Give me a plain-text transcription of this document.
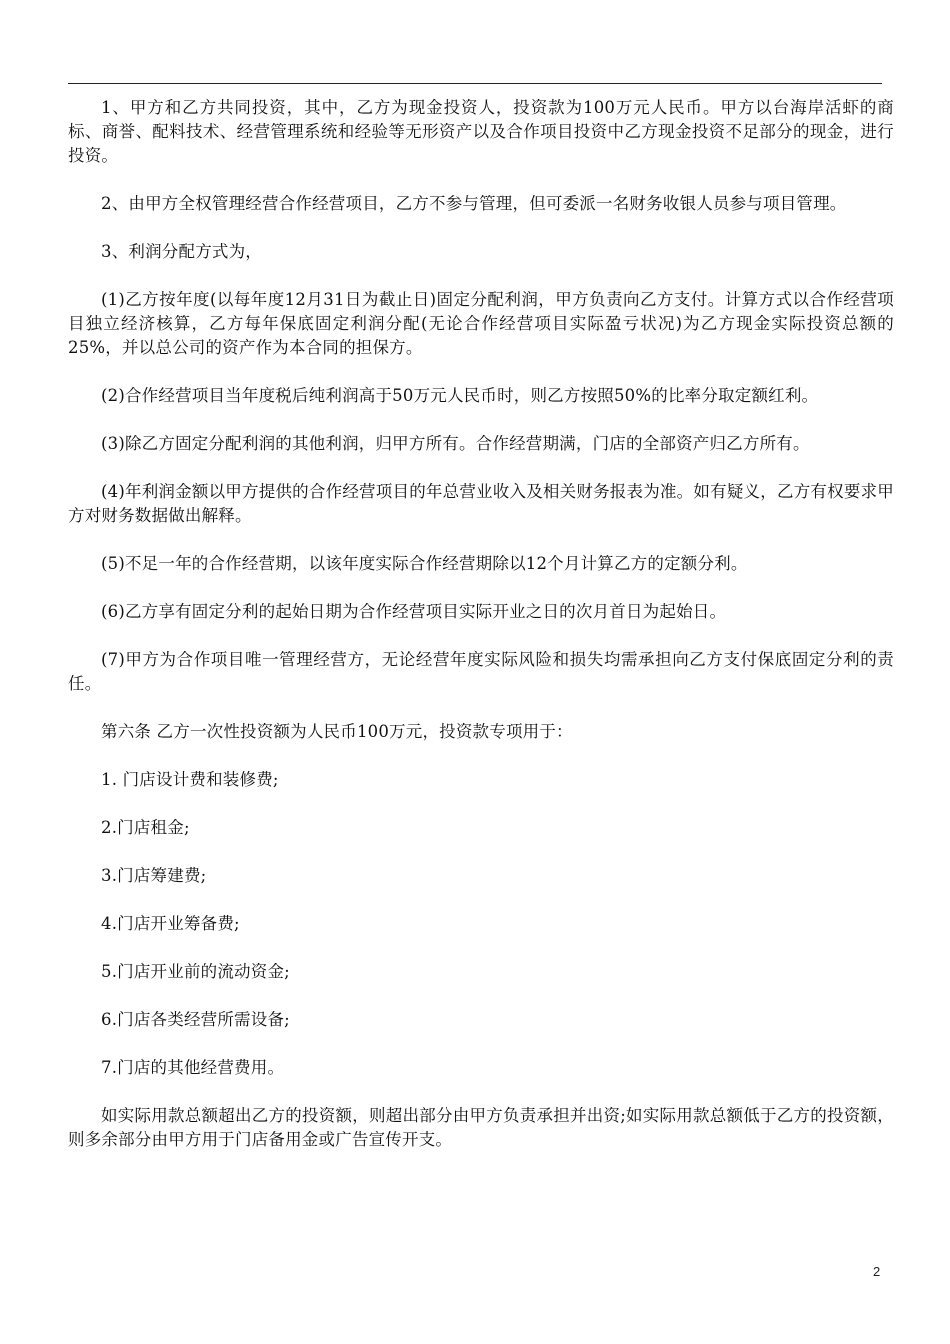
1、甲方和乙方共同投资，其中，乙方为现金投资人，投资款为100万元人民币。甲方以台海岸活虾的商标、商誉、配料技术、经营管理系统和经验等无形资产以及合作项目投资中乙方现金投资不足部分的现金，进行投资。

2、由甲方全权管理经营合作经营项目，乙方不参与管理，但可委派一名财务收银人员参与项目管理。

3、利润分配方式为，

(1)乙方按年度(以每年度12月31日为截止日)固定分配利润，甲方负责向乙方支付。计算方式以合作经营项目独立经济核算，乙方每年保底固定利润分配(无论合作经营项目实际盈亏状况)为乙方现金实际投资总额的25%，并以总公司的资产作为本合同的担保方。

(2)合作经营项目当年度税后纯利润高于50万元人民币时，则乙方按照50%的比率分取定额红利。

(3)除乙方固定分配利润的其他利润，归甲方所有。合作经营期满，门店的全部资产归乙方所有。

(4)年利润金额以甲方提供的合作经营项目的年总营业收入及相关财务报表为准。如有疑义，乙方有权要求甲方对财务数据做出解释。

(5)不足一年的合作经营期，以该年度实际合作经营期除以12个月计算乙方的定额分利。

(6)乙方享有固定分利的起始日期为合作经营项目实际开业之日的次月首日为起始日。

(7)甲方为合作项目唯一管理经营方，无论经营年度实际风险和损失均需承担向乙方支付保底固定分利的责任。

第六条 乙方一次性投资额为人民币100万元，投资款专项用于：

1. 门店设计费和装修费;

2.门店租金;

3.门店筹建费;

4.门店开业筹备费;

5.门店开业前的流动资金;

6.门店各类经营所需设备;

7.门店的其他经营费用。

如实际用款总额超出乙方的投资额，则超出部分由甲方负责承担并出资;如实际用款总额低于乙方的投资额，则多余部分由甲方用于门店备用金或广告宣传开支。

2
